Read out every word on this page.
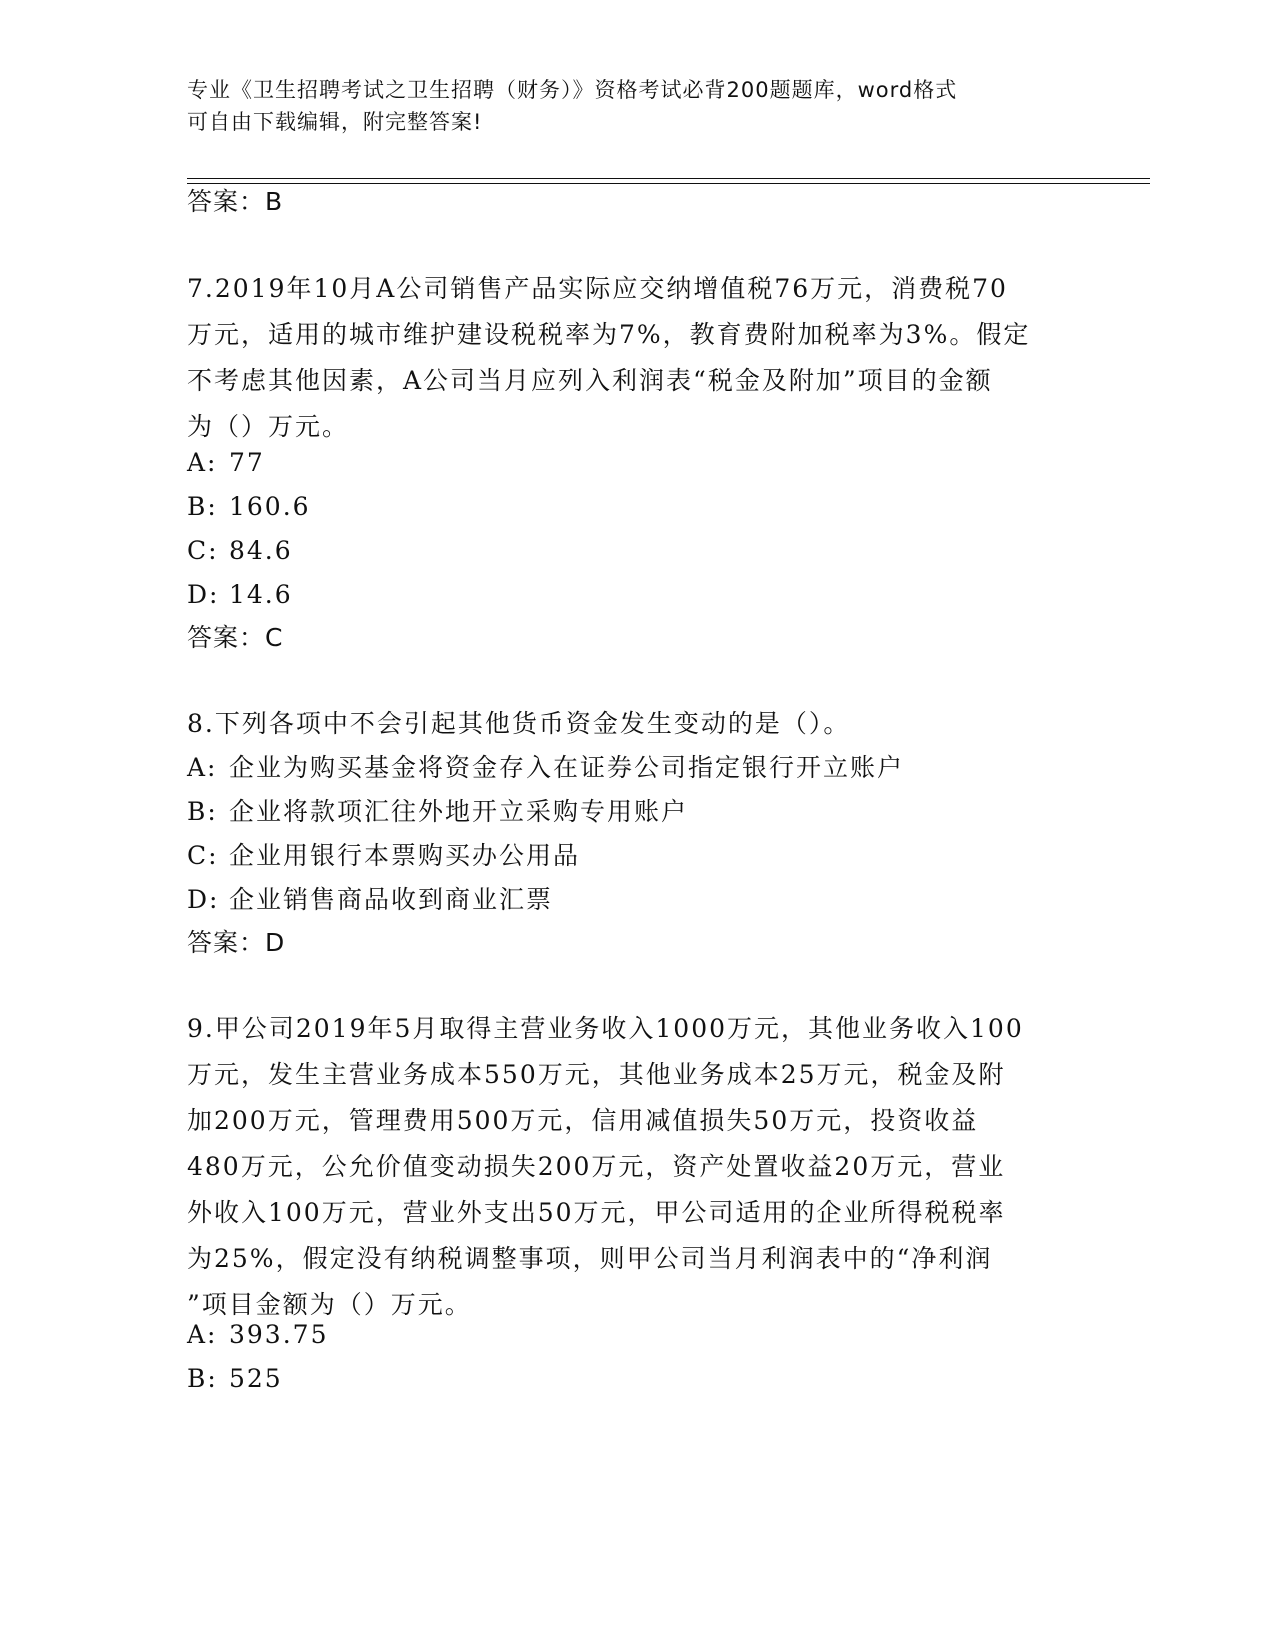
专业《卫生招聘考试之卫生招聘（财务）》资格考试必背200题题库，word格式
可自由下载编辑，附完整答案!
答案：B
7.2019年10月A公司销售产品实际应交纳增值税76万元，消费税70
万元，适用的城市维护建设税税率为7%，教育费附加税率为3%。假定
不考虑其他因素，A公司当月应列入利润表“税金及附加”项目的金额
为（）万元。
A: 77
B: 160.6
C: 84.6
D: 14.6
答案：C
8.下列各项中不会引起其他货币资金发生变动的是（）。
A: 企业为购买基金将资金存入在证券公司指定银行开立账户
B: 企业将款项汇往外地开立采购专用账户
C: 企业用银行本票购买办公用品
D: 企业销售商品收到商业汇票
答案：D
9.甲公司2019年5月取得主营业务收入1000万元，其他业务收入100
万元，发生主营业务成本550万元，其他业务成本25万元，税金及附
加200万元，管理费用500万元，信用减值损失50万元，投资收益
480万元，公允价值变动损失200万元，资产处置收益20万元，营业
外收入100万元，营业外支出50万元，甲公司适用的企业所得税税率
为25%，假定没有纳税调整事项，则甲公司当月利润表中的“净利润
”项目金额为（）万元。
A: 393.75
B: 525
